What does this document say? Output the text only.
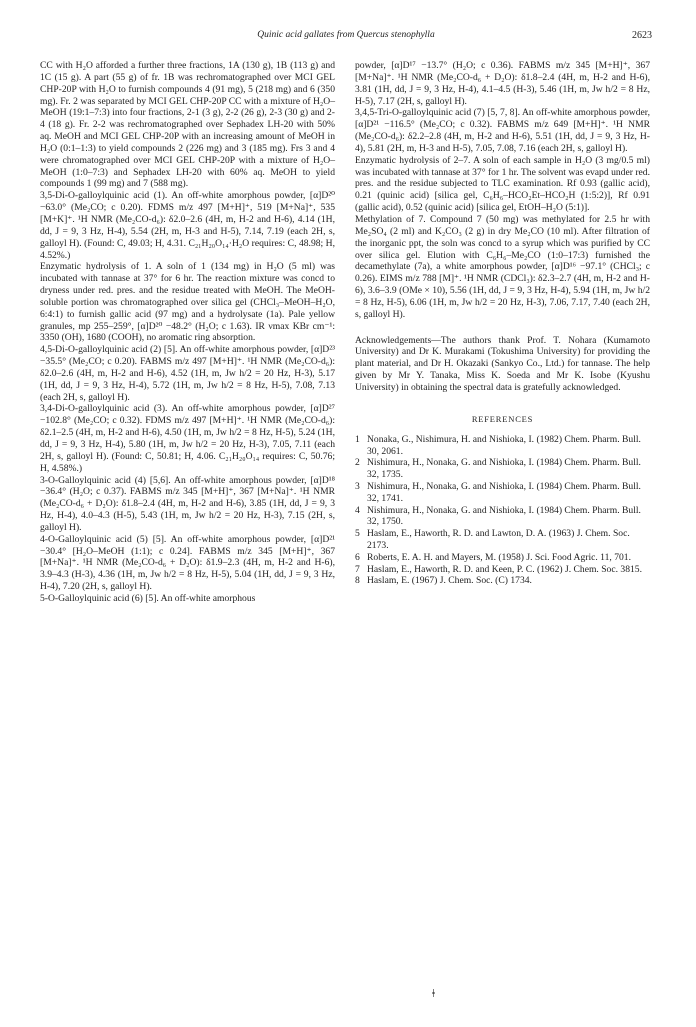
Quinic acid gallates from Quercus stenophylla	2623

CC with H₂O afforded a further three fractions, 1A (130 g), 1B (113 g) and 1C (15 g). A part (55 g) of fr. 1B was rechromatographed over MCI GEL CHP-20P with H₂O to furnish compounds 4 (91 mg), 5 (218 mg) and 6 (350 mg). Fr. 2 was separated by MCI GEL CHP-20P CC with a mixture of H₂O–MeOH (19:1–7:3) into four fractions, 2-1 (3 g), 2-2 (26 g), 2-3 (30 g) and 2-4 (18 g). Fr. 2-2 was rechromatographed over Sephadex LH-20 with 50% aq. MeOH and MCI GEL CHP-20P with an increasing amount of MeOH in H₂O (0:1–1:3) to yield compounds 2 (226 mg) and 3 (185 mg). Frs 3 and 4 were chromatographed over MCI GEL CHP-20P with a mixture of H₂O–MeOH (1:0–7:3) and Sephadex LH-20 with 60% aq. MeOH to yield compounds 1 (99 mg) and 7 (588 mg).

3,5-Di-O-galloylquinic acid (1). An off-white amorphous powder, [α]D²⁰ −63.0° (Me₂CO; c 0.20). FDMS m/z 497 [M+H]⁺, 519 [M+Na]⁺, 535 [M+K]⁺. ¹H NMR (Me₂CO-d₆): δ2.0–2.6 (4H, m, H-2 and H-6), 4.14 (1H, dd, J = 9, 3 Hz, H-4), 5.54 (2H, m, H-3 and H-5), 7.14, 7.19 (each 2H, s, galloyl H). (Found: C, 49.03; H, 4.31. C₂₁H₂₀O₁₄·H₂O requires: C, 48.98; H, 4.52%.)

Enzymatic hydrolysis of 1. A soln of 1 (134 mg) in H₂O (5 ml) was incubated with tannase at 37° for 6 hr. The reaction mixture was concd to dryness under red. pres. and the residue treated with MeOH. The MeOH-soluble portion was chromatographed over silica gel (CHCl₃–MeOH–H₂O, 6:4:1) to furnish gallic acid (97 mg) and a hydrolysate (1a). Pale yellow granules, mp 255–259°, [α]D²⁰ −48.2° (H₂O; c 1.63). IR νmax KBr cm⁻¹: 3350 (OH), 1680 (COOH), no aromatic ring absorption.

4,5-Di-O-galloylquinic acid (2) [5]. An off-white amorphous powder, [α]D²³ −35.5° (Me₂CO; c 0.20). FABMS m/z 497 [M+H]⁺. ¹H NMR (Me₂CO-d₆): δ2.0–2.6 (4H, m, H-2 and H-6), 4.52 (1H, m, Jw h/2 = 20 Hz, H-3), 5.17 (1H, dd, J = 9, 3 Hz, H-4), 5.72 (1H, m, Jw h/2 = 8 Hz, H-5), 7.08, 7.13 (each 2H, s, galloyl H).

3,4-Di-O-galloylquinic acid (3). An off-white amorphous powder, [α]D²⁷ −102.8° (Me₂CO; c 0.32). FDMS m/z 497 [M+H]⁺. ¹H NMR (Me₂CO-d₆): δ2.1–2.5 (4H, m, H-2 and H-6), 4.50 (1H, m, Jw h/2 = 8 Hz, H-5), 5.24 (1H, dd, J = 9, 3 Hz, H-4), 5.80 (1H, m, Jw h/2 = 20 Hz, H-3), 7.05, 7.11 (each 2H, s, galloyl H). (Found: C, 50.81; H, 4.06. C₂₁H₂₀O₁₄ requires: C, 50.76; H, 4.58%.)

3-O-Galloylquinic acid (4) [5,6]. An off-white amorphous powder, [α]D¹⁸ −36.4° (H₂O; c 0.37). FABMS m/z 345 [M+H]⁺, 367 [M+Na]⁺. ¹H NMR (Me₂CO-d₆ + D₂O): δ1.8–2.4 (4H, m, H-2 and H-6), 3.85 (1H, dd, J = 9, 3 Hz, H-4), 4.0–4.3 (H-5), 5.43 (1H, m, Jw h/2 = 20 Hz, H-3), 7.15 (2H, s, galloyl H).

4-O-Galloylquinic acid (5) [5]. An off-white amorphous powder, [α]D²¹ −30.4° [H₂O–MeOH (1:1); c 0.24]. FABMS m/z 345 [M+H]⁺, 367 [M+Na]⁺. ¹H NMR (Me₂CO-d₆ + D₂O): δ1.9–2.3 (4H, m, H-2 and H-6), 3.9–4.3 (H-3), 4.36 (1H, m, Jw h/2 = 8 Hz, H-5), 5.04 (1H, dd, J = 9, 3 Hz, H-4), 7.20 (2H, s, galloyl H).

5-O-Galloylquinic acid (6) [5]. An off-white amorphous

powder, [α]D¹⁷ −13.7° (H₂O; c 0.36). FABMS m/z 345 [M+H]⁺, 367 [M+Na]⁺. ¹H NMR (Me₂CO-d₆ + D₂O): δ1.8–2.4 (4H, m, H-2 and H-6), 3.81 (1H, dd, J = 9, 3 Hz, H-4), 4.1–4.5 (H-3), 5.46 (1H, m, Jw h/2 = 8 Hz, H-5), 7.17 (2H, s, galloyl H).

3,4,5-Tri-O-galloylquinic acid (7) [5, 7, 8]. An off-white amorphous powder, [α]D²¹ −116.5° (Me₂CO; c 0.32). FABMS m/z 649 [M+H]⁺. ¹H NMR (Me₂CO-d₆): δ2.2–2.8 (4H, m, H-2 and H-6), 5.51 (1H, dd, J = 9, 3 Hz, H-4), 5.81 (2H, m, H-3 and H-5), 7.05, 7.08, 7.16 (each 2H, s, galloyl H).

Enzymatic hydrolysis of 2–7. A soln of each sample in H₂O (3 mg/0.5 ml) was incubated with tannase at 37° for 1 hr. The solvent was evapd under red. pres. and the residue subjected to TLC examination. Rf 0.93 (gallic acid), 0.21 (quinic acid) [silica gel, C₆H₆–HCO₂Et–HCO₂H (1:5:2)], Rf 0.91 (gallic acid), 0.52 (quinic acid) [silica gel, EtOH–H₂O (5:1)].

Methylation of 7. Compound 7 (50 mg) was methylated for 2.5 hr with Me₂SO₄ (2 ml) and K₂CO₃ (2 g) in dry Me₂CO (10 ml). After filtration of the inorganic ppt, the soln was concd to a syrup which was purified by CC over silica gel. Elution with C₆H₆–Me₂CO (1:0–17:3) furnished the decamethylate (7a), a white amorphous powder, [α]D¹⁶ −97.1° (CHCl₃; c 0.26). EIMS m/z 788 [M]⁺. ¹H NMR (CDCl₃): δ2.3–2.7 (4H, m, H-2 and H-6), 3.6–3.9 (OMe × 10), 5.56 (1H, dd, J = 9, 3 Hz, H-4), 5.94 (1H, m, Jw h/2 = 8 Hz, H-5), 6.06 (1H, m, Jw h/2 = 20 Hz, H-3), 7.06, 7.17, 7.40 (each 2H, s, galloyl H).

Acknowledgements—The authors thank Prof. T. Nohara (Kumamoto University) and Dr K. Murakami (Tokushima University) for providing the plant material, and Dr H. Okazaki (Sankyo Co., Ltd.) for tannase. The help given by Mr Y. Tanaka, Miss K. Soeda and Mr K. Isobe (Kyushu University) in obtaining the spectral data is gratefully acknowledged.

REFERENCES
1 Nonaka, G., Nishimura, H. and Nishioka, I. (1982) Chem. Pharm. Bull. 30, 2061.
2 Nishimura, H., Nonaka, G. and Nishioka, I. (1984) Chem. Pharm. Bull. 32, 1735.
3 Nishimura, H., Nonaka, G. and Nishioka, I. (1984) Chem. Pharm. Bull. 32, 1741.
4 Nishimura, H., Nonaka, G. and Nishioka, I. (1984) Chem. Pharm. Bull. 32, 1750.
5 Haslam, E., Haworth, R. D. and Lawton, D. A. (1963) J. Chem. Soc. 2173.
6 Roberts, E. A. H. and Mayers, M. (1958) J. Sci. Food Agric. 11, 701.
7 Haslam, E., Haworth, R. D. and Keen, P. C. (1962) J. Chem. Soc. 3815.
8 Haslam, E. (1967) J. Chem. Soc. (C) 1734.
ǂ
